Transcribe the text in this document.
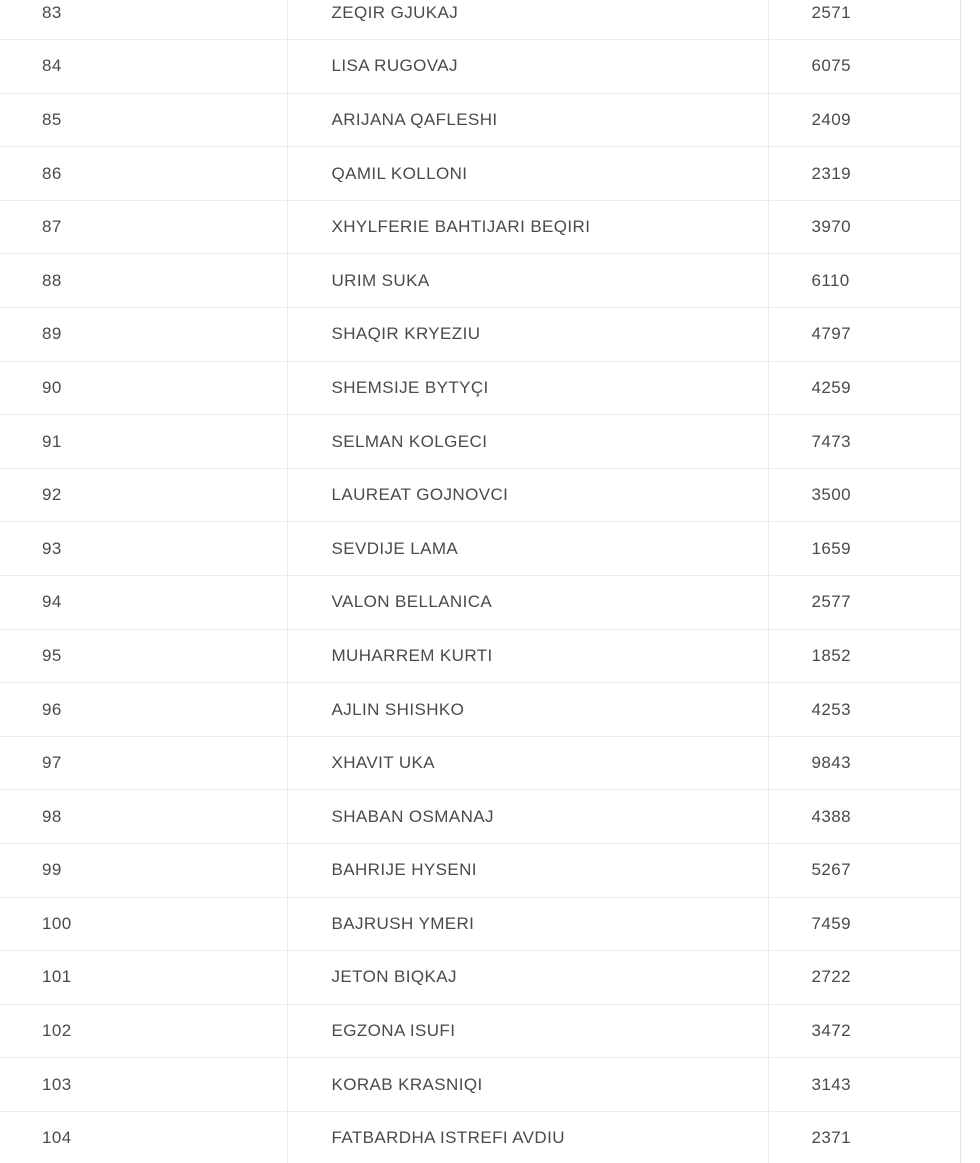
83	ZEQIR GJUKAJ	2571
84	LISA RUGOVAJ	6075
85	ARIJANA QAFLESHI	2409
86	QAMIL KOLLONI	2319
87	XHYLFERIE BAHTIJARI BEQIRI	3970
88	URIM SUKA	6110
89	SHAQIR KRYEZIU	4797
90	SHEMSIJE BYTYÇI	4259
91	SELMAN KOLGECI	7473
92	LAUREAT GOJNOVCI	3500
93	SEVDIJE LAMA	1659
94	VALON BELLANICA	2577
95	MUHARREM KURTI	1852
96	AJLIN SHISHKO	4253
97	XHAVIT UKA	9843
98	SHABAN OSMANAJ	4388
99	BAHRIJE HYSENI	5267
100	BAJRUSH YMERI	7459
101	JETON BIQKAJ	2722
102	EGZONA ISUFI	3472
103	KORAB KRASNIQI	3143
104	FATBARDHA ISTREFI AVDIU	2371
